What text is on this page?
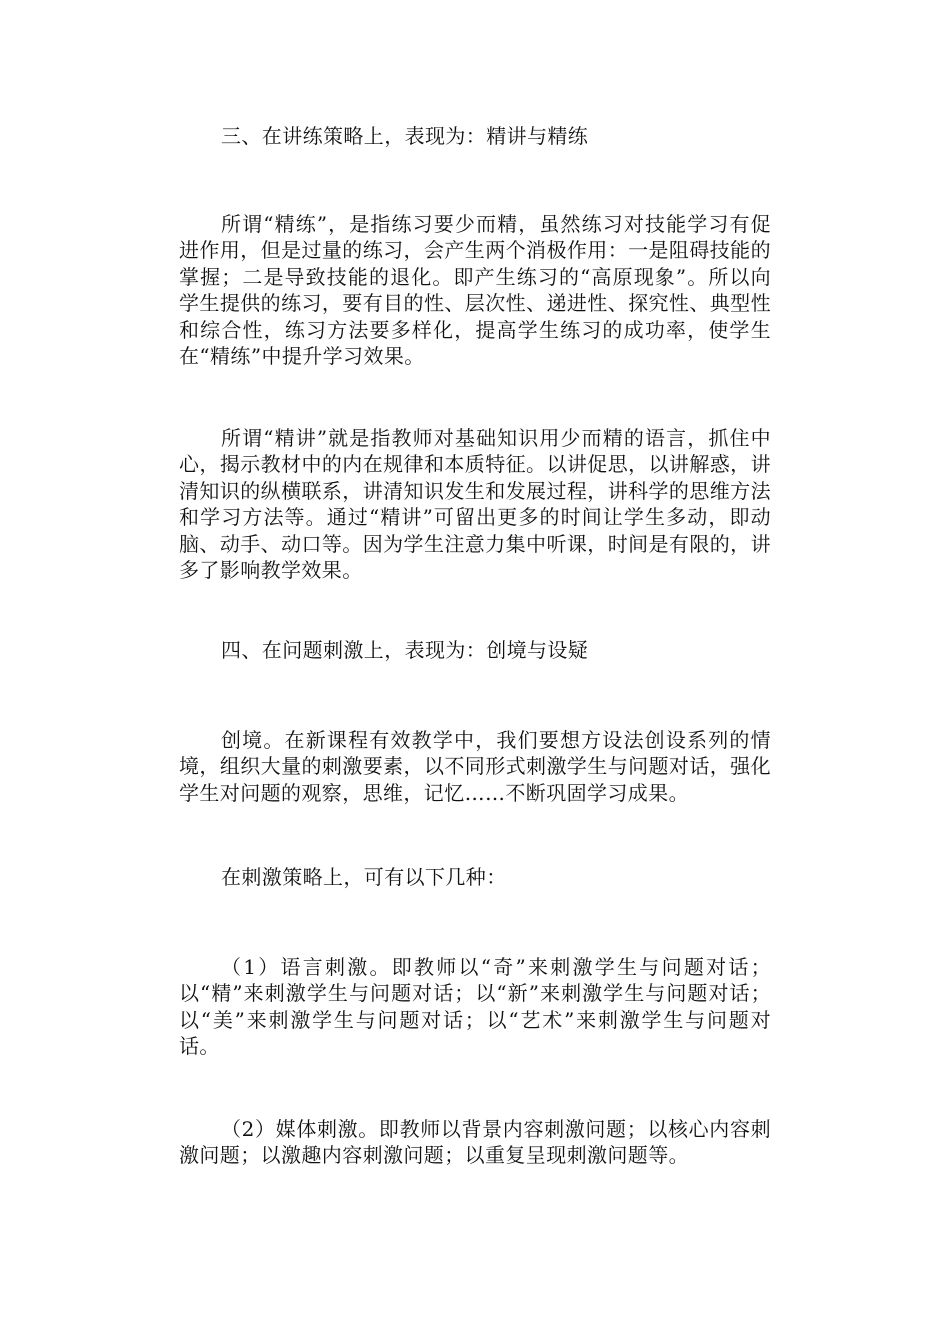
三、在讲练策略上，表现为：精讲与精练

所谓“精练”，是指练习要少而精，虽然练习对技能学习有促进作用，但是过量的练习，会产生两个消极作用：一是阻碍技能的掌握；二是导致技能的退化。即产生练习的“高原现象”。所以向学生提供的练习，要有目的性、层次性、递进性、探究性、典型性和综合性，练习方法要多样化，提高学生练习的成功率，使学生在“精练”中提升学习效果。

所谓“精讲”就是指教师对基础知识用少而精的语言，抓住中心，揭示教材中的内在规律和本质特征。以讲促思，以讲解惑，讲清知识的纵横联系，讲清知识发生和发展过程，讲科学的思维方法和学习方法等。通过“精讲”可留出更多的时间让学生多动，即动脑、动手、动口等。因为学生注意力集中听课，时间是有限的，讲多了影响教学效果。

四、在问题刺激上，表现为：创境与设疑

创境。在新课程有效教学中，我们要想方设法创设系列的情境，组织大量的刺激要素，以不同形式刺激学生与问题对话，强化学生对问题的观察，思维，记忆……不断巩固学习成果。

在刺激策略上，可有以下几种：

（1）语言刺激。即教师以“奇”来刺激学生与问题对话；以“精”来刺激学生与问题对话；以“新”来刺激学生与问题对话；以“美”来刺激学生与问题对话；以“艺术”来刺激学生与问题对话。

（2）媒体刺激。即教师以背景内容刺激问题；以核心内容刺激问题；以激趣内容刺激问题；以重复呈现刺激问题等。
